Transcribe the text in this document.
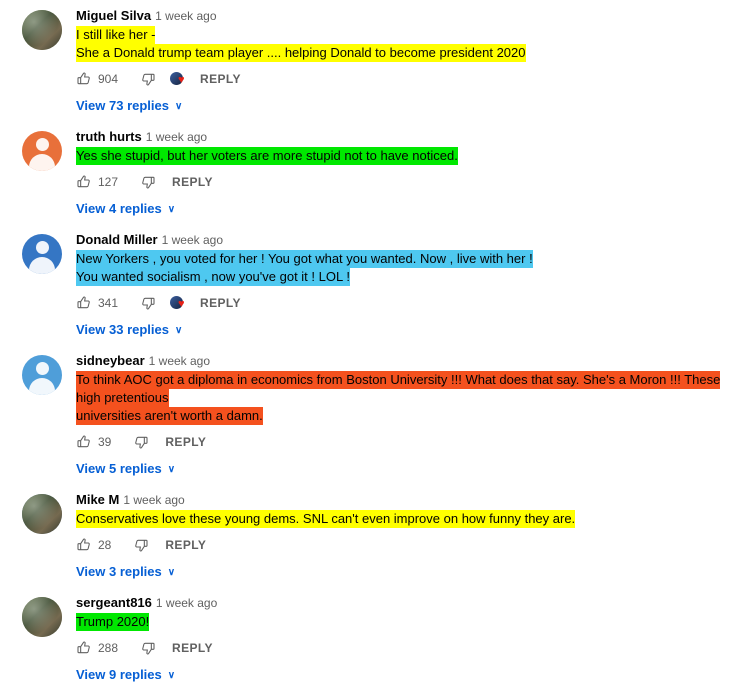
Miguel Silva 1 week ago
I still like her -
She a Donald trump team player .... helping Donald to become president 2020
904	♥ REPLY
View 73 replies ∨
truth hurts 1 week ago
Yes she stupid, but her voters are more stupid not to have noticed.
127	REPLY
View 4 replies ∨
Donald Miller 1 week ago
New Yorkers , you voted for her ! You got what you wanted. Now , live with her !
You wanted socialism , now you've got it ! LOL !
341	♥ REPLY
View 33 replies ∨
sidneybear 1 week ago
To think AOC got a diploma in economics from Boston University !!! What does that say. She's a Moron !!! These high pretentious
universities aren't worth a damn.
39	REPLY
View 5 replies ∨
Mike M 1 week ago
Conservatives love these young dems. SNL can't even improve on how funny they are.
28	REPLY
View 3 replies ∨
sergeant816 1 week ago
Trump 2020!
288	REPLY
View 9 replies ∨
